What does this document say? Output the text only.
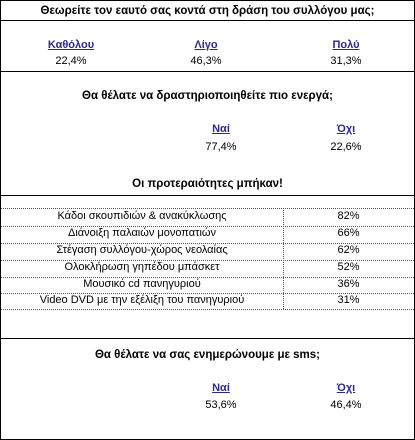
Θεωρείτε τον εαυτό σας κοντά στη δράση του συλλόγου μας;
Καθόλου	Λίγο	Πολύ
22,4%	46,3%	31,3%
Θα θέλατε να δραστηριοποιηθείτε πιο ενεργά;
Ναί	Όχι
77,4%	22,6%
Οι προτεραιότητες μπήκαν!
Κάδοι σκουπιδιών & ανακύκλωσης	82%
Διάνοιξη παλαιών μονοπατιών	66%
Στέγαση συλλόγου-χώρος νεολαίας	62%
Ολοκλήρωση γηπέδου μπάσκετ	52%
Μουσικό cd πανηγυριού	36%
Video DVD με την εξέλιξη του πανηγυριού	31%
Θα θέλατε να σας ενημερώνουμε με sms;
Ναί	Όχι
53,6%	46,4%
